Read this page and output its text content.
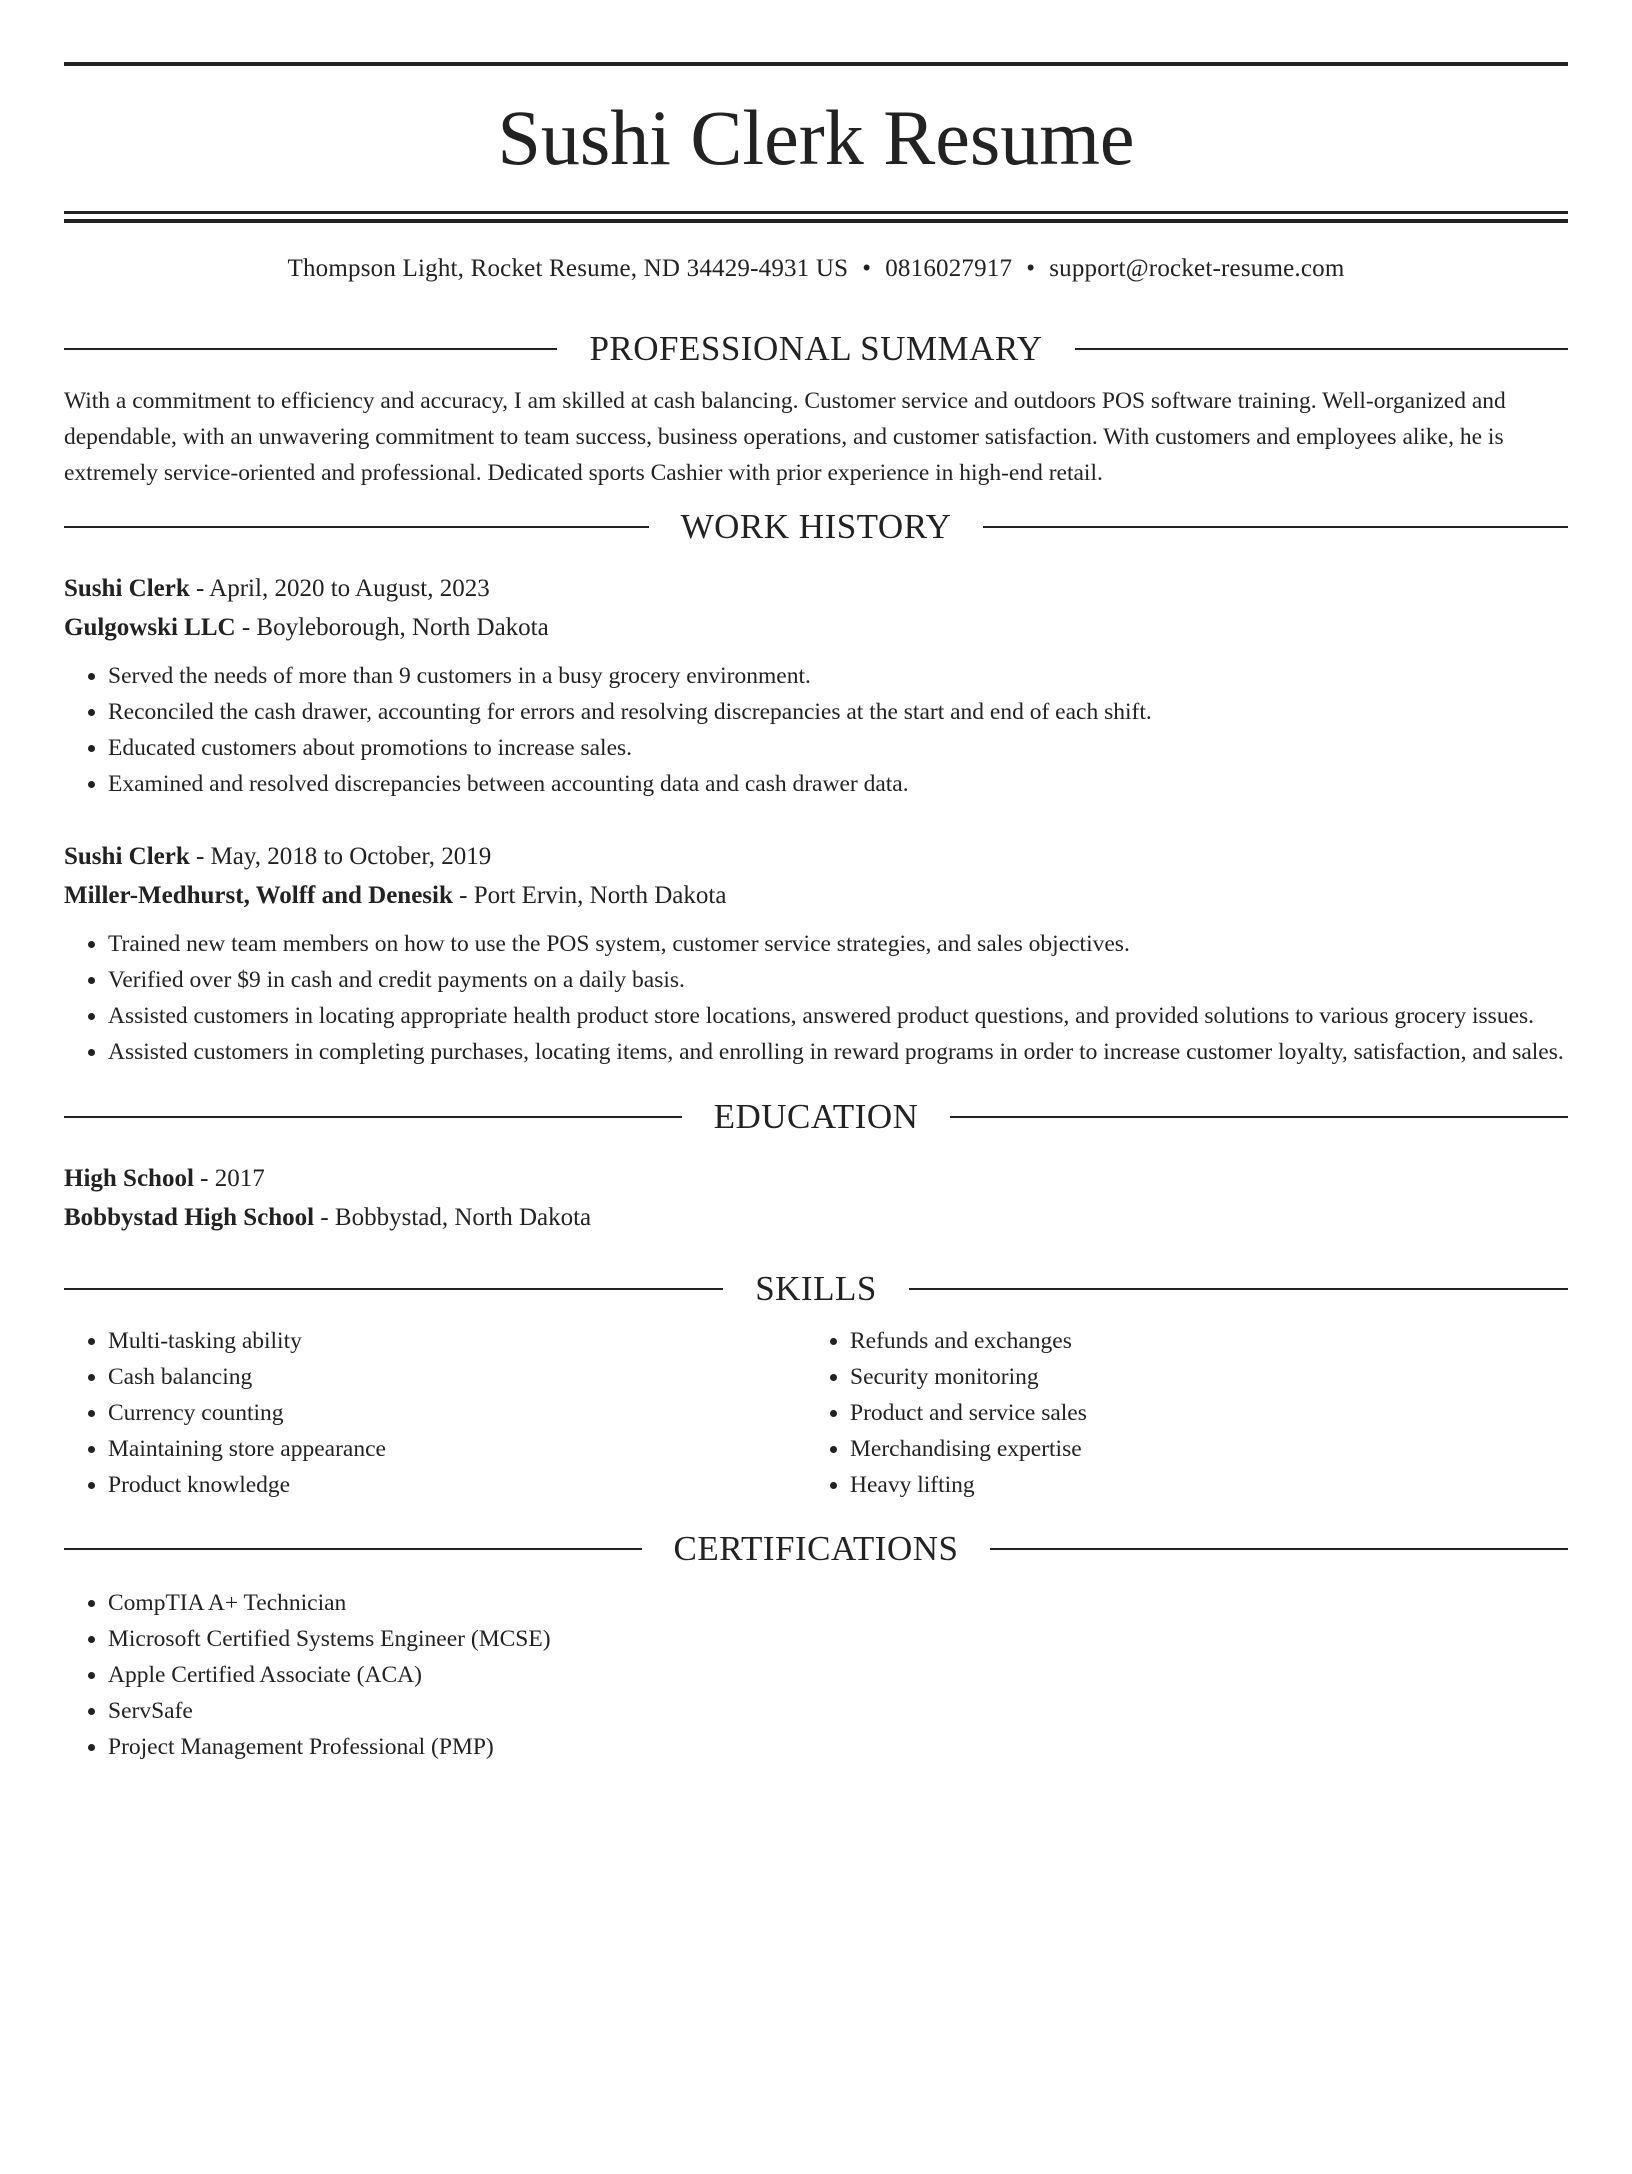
Sushi Clerk Resume
Thompson Light, Rocket Resume, ND 34429-4931 US • 0816027917 • support@rocket-resume.com
PROFESSIONAL SUMMARY
With a commitment to efficiency and accuracy, I am skilled at cash balancing. Customer service and outdoors POS software training. Well-organized and dependable, with an unwavering commitment to team success, business operations, and customer satisfaction. With customers and employees alike, he is extremely service-oriented and professional. Dedicated sports Cashier with prior experience in high-end retail.
WORK HISTORY
Sushi Clerk - April, 2020 to August, 2023
Gulgowski LLC - Boyleborough, North Dakota
• Served the needs of more than 9 customers in a busy grocery environment.
• Reconciled the cash drawer, accounting for errors and resolving discrepancies at the start and end of each shift.
• Educated customers about promotions to increase sales.
• Examined and resolved discrepancies between accounting data and cash drawer data.
Sushi Clerk - May, 2018 to October, 2019
Miller-Medhurst, Wolff and Denesik - Port Ervin, North Dakota
• Trained new team members on how to use the POS system, customer service strategies, and sales objectives.
• Verified over $9 in cash and credit payments on a daily basis.
• Assisted customers in locating appropriate health product store locations, answered product questions, and provided solutions to various grocery issues.
• Assisted customers in completing purchases, locating items, and enrolling in reward programs in order to increase customer loyalty, satisfaction, and sales.
EDUCATION
High School - 2017
Bobbystad High School - Bobbystad, North Dakota
SKILLS
• Multi-tasking ability
• Cash balancing
• Currency counting
• Maintaining store appearance
• Product knowledge
• Refunds and exchanges
• Security monitoring
• Product and service sales
• Merchandising expertise
• Heavy lifting
CERTIFICATIONS
• CompTIA A+ Technician
• Microsoft Certified Systems Engineer (MCSE)
• Apple Certified Associate (ACA)
• ServSafe
• Project Management Professional (PMP)
